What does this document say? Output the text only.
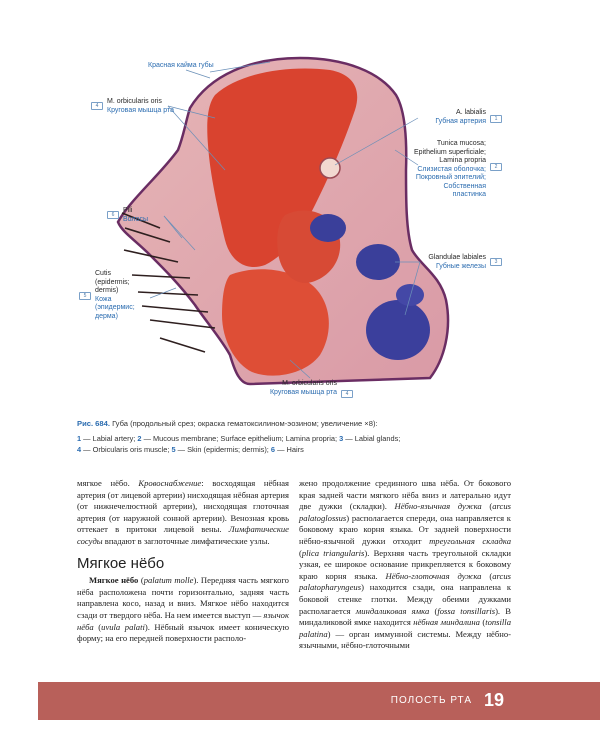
Красная кайма губы
4
M. orbicularis oris
Круговая мышца рта	A. labialis
Губная артерия	1
Tunica mucosa;
Epithelium superficiale;
Lamina propria
Слизистая оболочка;
Покровный эпителий;
Собственная
пластинка
2
6
Pili
Волосы
Glandulae labiales
Губные железы
3
5
Cutis
(epidermis;
dermis)
Кожа
(эпидермис;
дерма)
M. orbicularis oris
Круговая мышца рта	4
Рис. 684. Губа (продольный срез; окраска гематоксилином-эозином; увеличение ×8):
1 — Labial artery; 2 — Mucous membrane; Surface epithelium; Lamina propria; 3 — Labial glands;
4 — Orbicularis oris muscle; 5 — Skin (epidermis; dermis); 6 — Hairs

мягкое нёбо. Кровоснабжение: восходящая нёбная артерия (от лицевой артерии) нисходящая нёбная артерия (от нижнечелюстной артерии), нисходящая глоточная артерия (от наружной сонной артерии). Венозная кровь оттекает в притоки лицевой вены. Лимфатические сосуды впадают в заглоточные лимфатические узлы.

Мягкое нёбо

Мягкое нёбо (palatum molle). Передняя часть мягкого нёба расположена почти горизонтально, задняя часть направлена косо, назад и вниз. Мягкое нёбо находится сзади от твердого нёба. На нем имеется выступ — язычок нёба (uvula palati). Нёбный язычок имеет коническую форму; на его передней поверхности располо-

жено продолжение срединного шва нёба. От бокового края задней части мягкого нёба вниз и латерально идут две дужки (складки). Нёбно-язычная дужка (arcus palatoglossus) располагается спереди, она направляется к боковому краю корня языка. От задней поверхности нёбно-язычной дужки отходит треугольная складка (plica triangularis). Верхняя часть треугольной складки узкая, ее широкое основание прикрепляется к боковому краю корня языка. Нёбно-глоточная дужка (arcus palatopharyngeus) находится сзади, она направлена к боковой стенке глотки. Между обеими дужками располагается миндаликовая ямка (fossa tonsillaris). В миндаликовой ямке находится нёбная миндалина (tonsilla palatina) — орган иммунной системы. Между нёбно-язычными, нёбно-глоточными

ПОЛОСТЬ РТА 19
